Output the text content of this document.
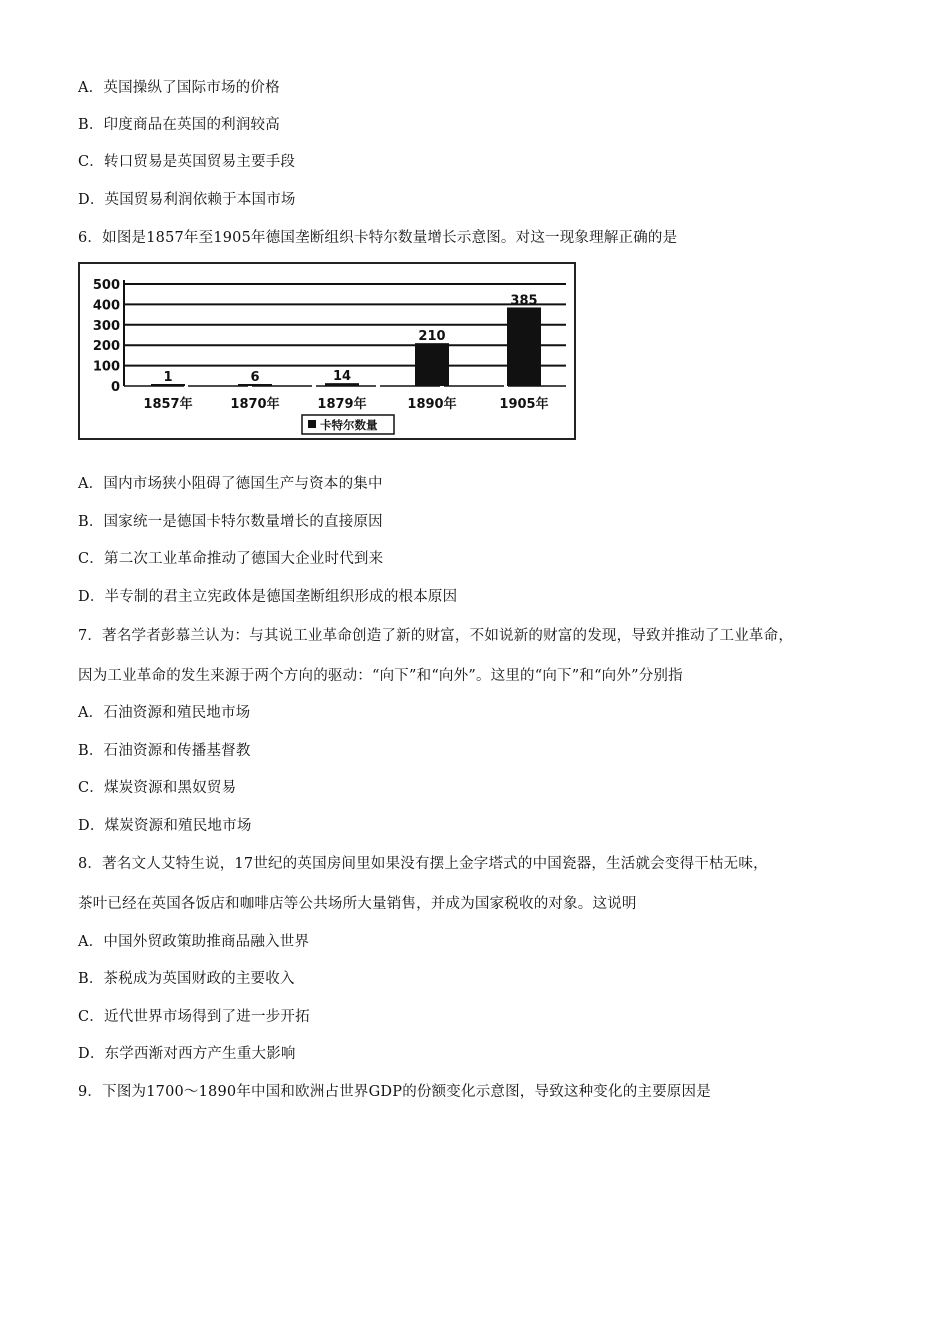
A．英国操纵了国际市场的价格
B．印度商品在英国的利润较高
C．转口贸易是英国贸易主要手段
D．英国贸易利润依赖于本国市场
6．如图是1857年至1905年德国垄断组织卡特尔数量增长示意图。对这一现象理解正确的是
500
400
300
200
100
0
1
1857年
6
1870年
14
1879年
210
1890年
385
1905年
卡特尔数量
A．国内市场狭小阻碍了德国生产与资本的集中
B．国家统一是德国卡特尔数量增长的直接原因
C．第二次工业革命推动了德国大企业时代到来
D．半专制的君主立宪政体是德国垄断组织形成的根本原因
7．著名学者彭慕兰认为：与其说工业革命创造了新的财富，不如说新的财富的发现，导致并推动了工业革命，
因为工业革命的发生来源于两个方向的驱动：“向下”和“向外”。这里的“向下”和“向外”分别指
A．石油资源和殖民地市场
B．石油资源和传播基督教
C．煤炭资源和黑奴贸易
D．煤炭资源和殖民地市场
8．著名文人艾特生说，17世纪的英国房间里如果没有摆上金字塔式的中国瓷器，生活就会变得干枯无味，
茶叶已经在英国各饭店和咖啡店等公共场所大量销售，并成为国家税收的对象。这说明
A．中国外贸政策助推商品融入世界
B．茶税成为英国财政的主要收入
C．近代世界市场得到了进一步开拓
D．东学西渐对西方产生重大影响
9．下图为1700～1890年中国和欧洲占世界GDP的份额变化示意图，导致这种变化的主要原因是
